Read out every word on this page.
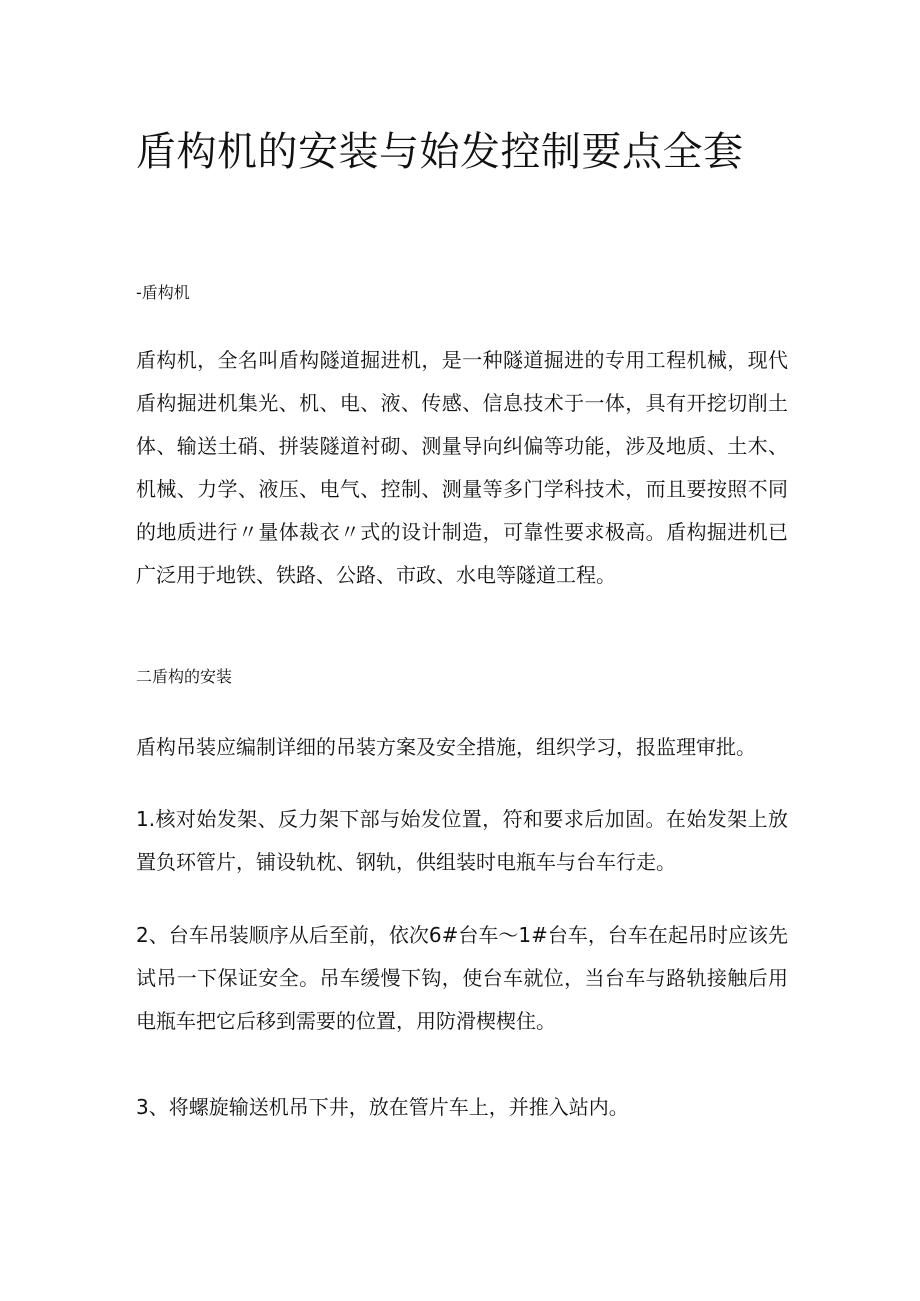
盾构机的安装与始发控制要点全套
-盾构机

盾构机，全名叫盾构隧道掘进机，是一种隧道掘进的专用工程机械，现代盾构掘进机集光、机、电、液、传感、信息技术于一体，具有开挖切削土体、输送土硝、拼装隧道衬砌、测量导向纠偏等功能，涉及地质、土木、机械、力学、液压、电气、控制、测量等多门学科技术，而且要按照不同的地质进行〃量体裁衣〃式的设计制造，可靠性要求极高。盾构掘进机已广泛用于地铁、铁路、公路、市政、水电等隧道工程。

二盾构的安装

盾构吊装应编制详细的吊装方案及安全措施，组织学习，报监理审批。

1.核对始发架、反力架下部与始发位置，符和要求后加固。在始发架上放置负环管片，铺设轨枕、钢轨，供组装时电瓶车与台车行走。

2、台车吊装顺序从后至前，依次6#台车〜1#台车，台车在起吊时应该先试吊一下保证安全。吊车缓慢下钩，使台车就位，当台车与路轨接触后用电瓶车把它后移到需要的位置，用防滑楔楔住。

3、将螺旋输送机吊下井，放在管片车上，并推入站内。
